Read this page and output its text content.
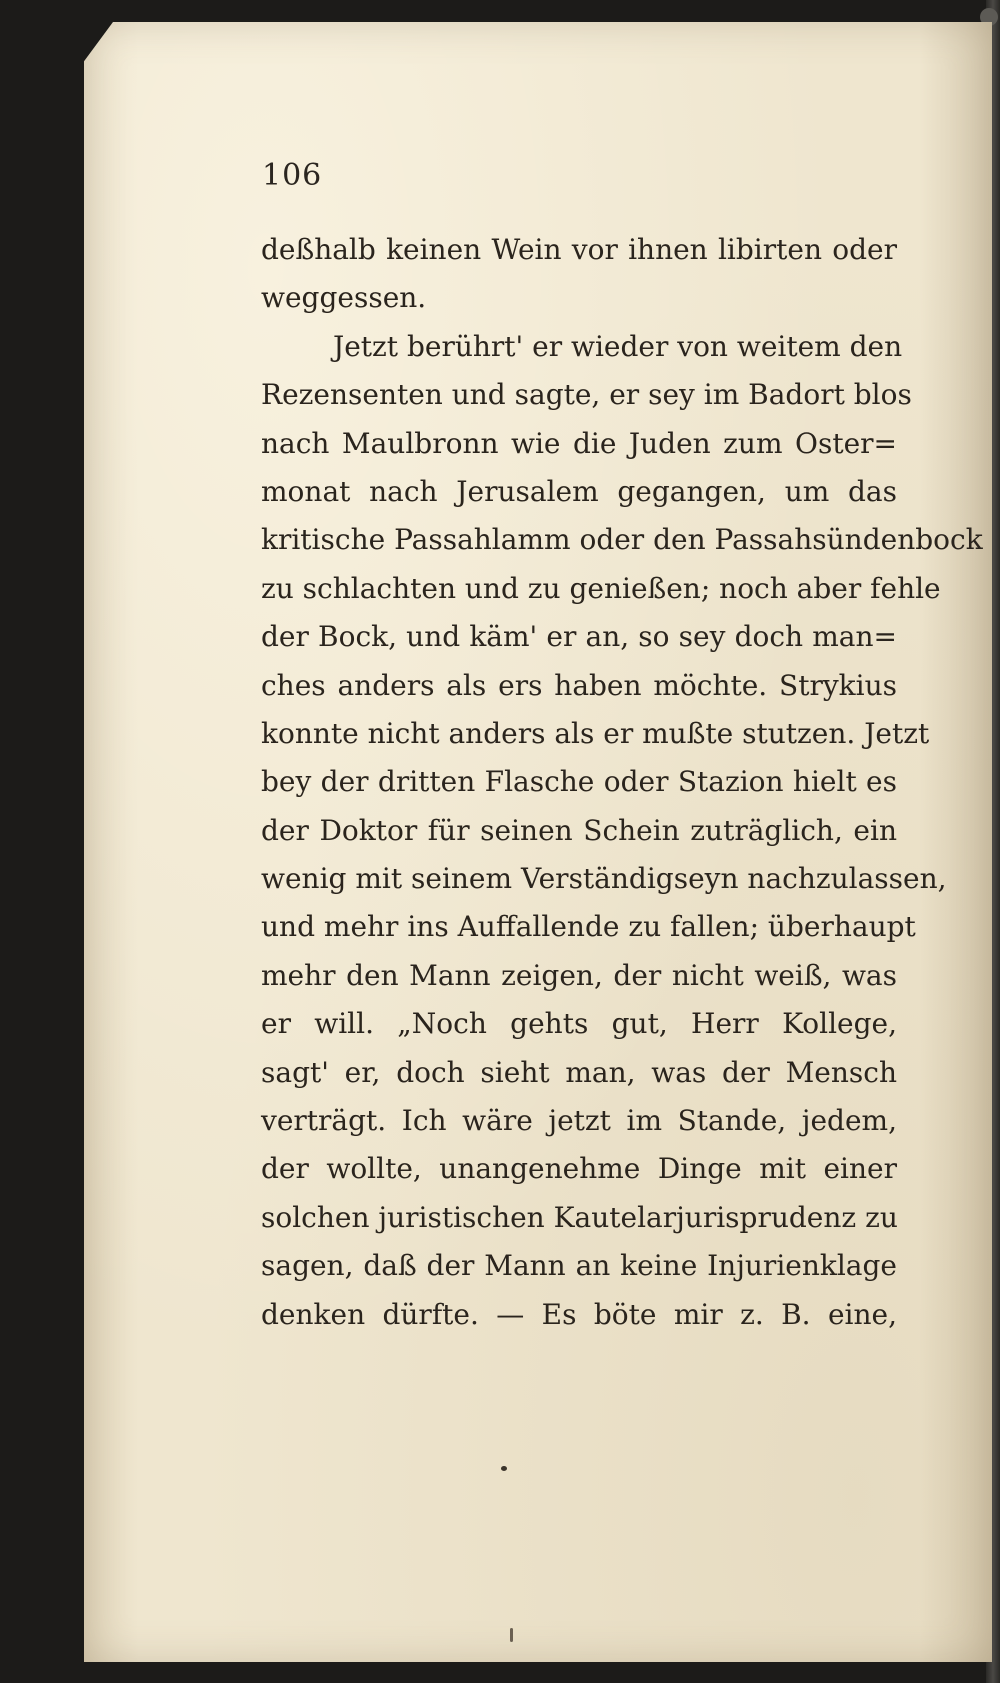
106
deßhalb keinen Wein vor ihnen libirten oder
weggessen.
Jetzt berührt' er wieder von weitem den
Rezensenten und sagte, er sey im Badort blos
nach Maulbronn wie die Juden zum Oster=
monat nach Jerusalem gegangen, um das
kritische Passahlamm oder den Passahsündenbock
zu schlachten und zu genießen; noch aber fehle
der Bock, und käm' er an, so sey doch man=
ches anders als ers haben möchte. Strykius
konnte nicht anders als er mußte stutzen. Jetzt
bey der dritten Flasche oder Stazion hielt es
der Doktor für seinen Schein zuträglich, ein
wenig mit seinem Verständigseyn nachzulassen,
und mehr ins Auffallende zu fallen; überhaupt
mehr den Mann zeigen, der nicht weiß, was
er will. „Noch gehts gut, Herr Kollege,
sagt' er, doch sieht man, was der Mensch
verträgt. Ich wäre jetzt im Stande, jedem,
der wollte, unangenehme Dinge mit einer
solchen juristischen Kautelarjurisprudenz zu
sagen, daß der Mann an keine Injurienklage
denken dürfte. — Es böte mir z. B. eine,
